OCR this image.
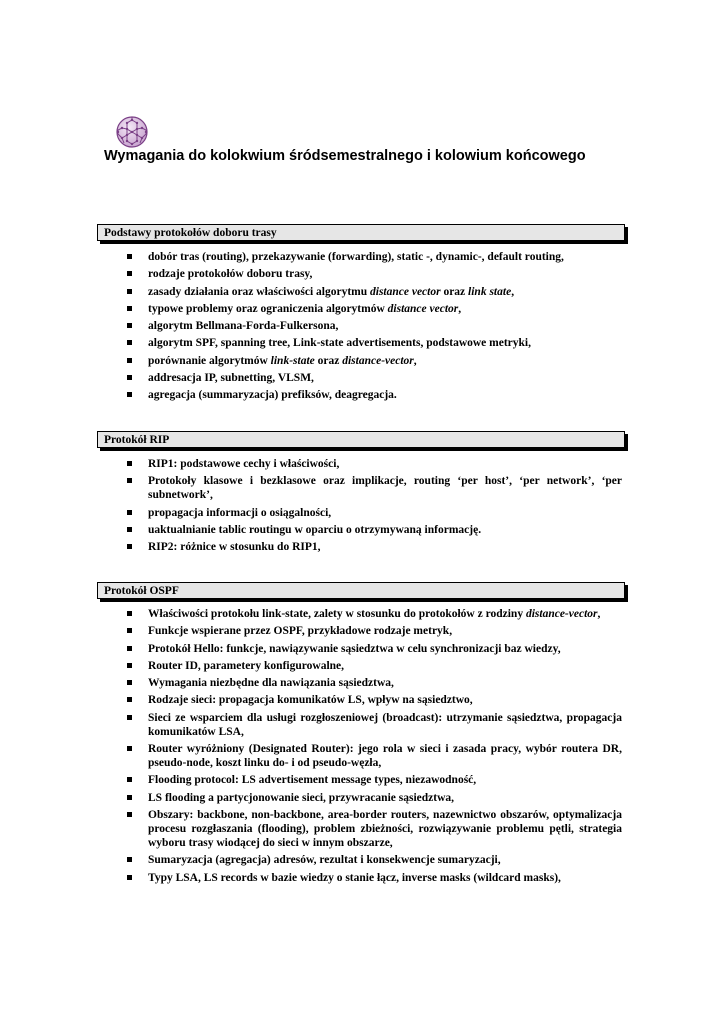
Wymagania do kolokwium śródsemestralnego i kolowium końcowego
Podstawy protokołów doboru trasy
dobór tras (routing), przekazywanie (forwarding), static -, dynamic-, default routing,
rodzaje protokołów doboru trasy,
zasady działania oraz właściwości algorytmu distance vector oraz link state,
typowe problemy oraz ograniczenia algorytmów distance vector,
algorytm Bellmana-Forda-Fulkersona,
algorytm SPF, spanning tree, Link-state advertisements, podstawowe metryki,
porównanie algorytmów link-state oraz distance-vector,
addresacja IP, subnetting, VLSM,
agregacja (summaryzacja) prefiksów, deagregacja.
Protokół RIP
RIP1: podstawowe cechy i właściwości,
Protokoły klasowe i bezklasowe oraz implikacje, routing ‘per host’, ‘per network’, ‘per subnetwork’,
propagacja informacji o osiągalności,
uaktualnianie tablic routingu w oparciu o otrzymywaną informację.
RIP2: różnice w stosunku do RIP1,
Protokół OSPF
Właściwości protokołu link-state, zalety w stosunku do protokołów z rodziny distance-vector,
Funkcje wspierane przez OSPF, przykładowe rodzaje metryk,
Protokół Hello: funkcje, nawiązywanie sąsiedztwa w celu synchronizacji baz wiedzy,
Router ID, parametery konfigurowalne,
Wymagania niezbędne dla nawiązania sąsiedztwa,
Rodzaje sieci: propagacja komunikatów LS, wpływ na sąsiedztwo,
Sieci ze wsparciem dla usługi rozgłoszeniowej (broadcast): utrzymanie sąsiedztwa, propagacja komunikatów LSA,
Router wyróżniony (Designated Router): jego rola w sieci i zasada pracy, wybór routera DR, pseudo-node, koszt linku do- i od pseudo-węzła,
Flooding protocol: LS advertisement message types, niezawodność,
LS flooding a partycjonowanie sieci, przywracanie sąsiedztwa,
Obszary: backbone, non-backbone, area-border routers, nazewnictwo obszarów, optymalizacja procesu rozgłaszania (flooding), problem zbieżności, rozwiązywanie problemu pętli, strategia wyboru trasy wiodącej do sieci w innym obszarze,
Sumaryzacja (agregacja) adresów, rezultat i konsekwencje sumaryzacji,
Typy LSA, LS records w bazie wiedzy o stanie łącz, inverse masks (wildcard masks),
